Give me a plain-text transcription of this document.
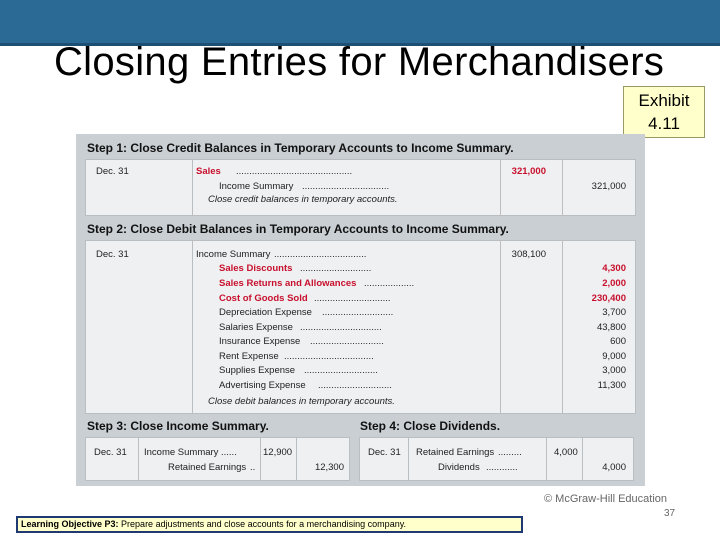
Closing Entries for Merchandisers
Exhibit
4.11
Step 1: Close Credit Balances in Temporary Accounts to Income Summary.
Dec. 31	Sales ............................................	321,000
Income Summary .................................	321,000
Close credit balances in temporary accounts.
Step 2: Close Debit Balances in Temporary Accounts to Income Summary.
Dec. 31	Income Summary ...................................	308,100
Sales Discounts ...........................	4,300
Sales Returns and Allowances ...................	2,000
Cost of Goods Sold .............................	230,400
Depreciation Expense ...........................	3,700
Salaries Expense ...............................	43,800
Insurance Expense ............................	600
Rent Expense ..................................	9,000
Supplies Expense ............................	3,000
Advertising Expense ............................	11,300
Close debit balances in temporary accounts.
Step 3: Close Income Summary.
Dec. 31 Income Summary ......	12,900
Retained Earnings ..	12,300
Step 4: Close Dividends.
Dec. 31 Retained Earnings .........	4,000
Dividends ............	4,000
© McGraw-Hill Education
37
Learning Objective P3: Prepare adjustments and close accounts for a merchandising company.
